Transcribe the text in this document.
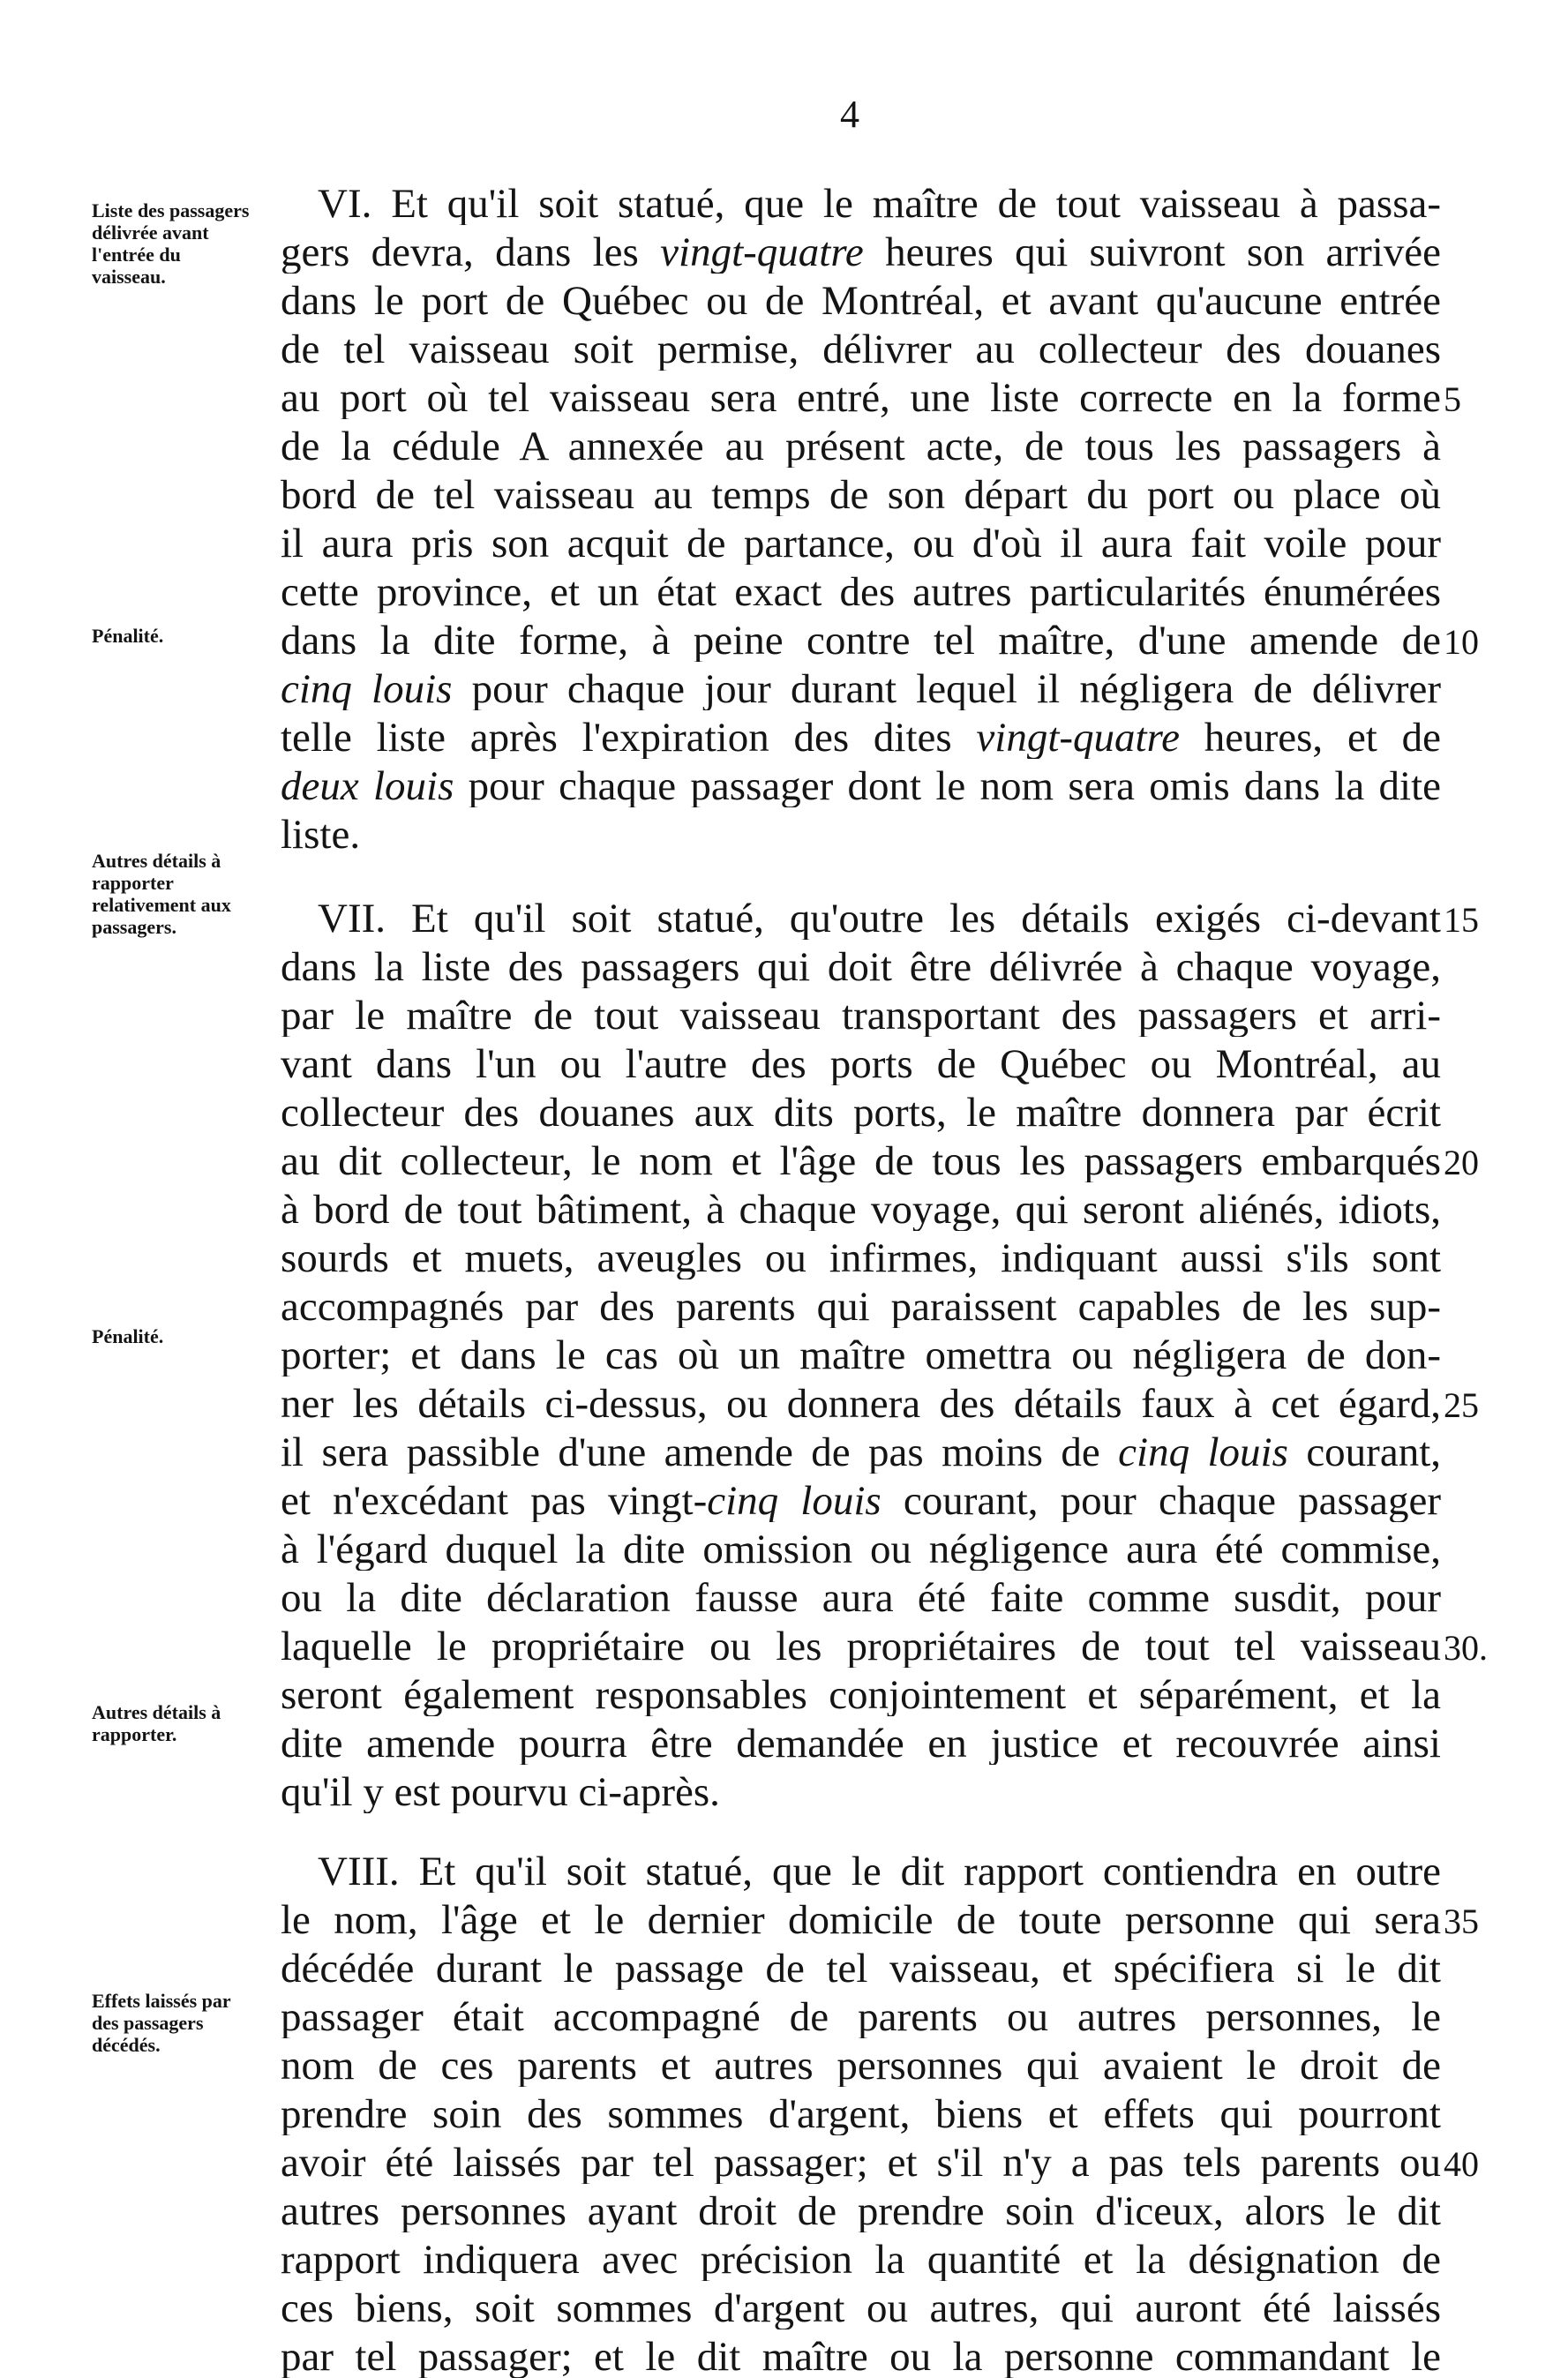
4
Liste des passagers délivrée avant l'entrée du vaisseau.
Pénalité.
Autres détails à rapporter relativement aux passagers.
Pénalité.
Autres détails à rapporter.
Effets laissés par des passagers décédés.
VI. Et qu'il soit statué, que le maître de tout vaisseau à passa-
gers devra, dans les vingt-quatre heures qui suivront son arrivée
dans le port de Québec ou de Montréal, et avant qu'aucune entrée
de tel vaisseau soit permise, délivrer au collecteur des douanes
au port où tel vaisseau sera entré, une liste correcte en la forme
de la cédule A annexée au présent acte, de tous les passagers à
bord de tel vaisseau au temps de son départ du port ou place où
il aura pris son acquit de partance, ou d'où il aura fait voile pour
cette province, et un état exact des autres particularités énumérées
dans la dite forme, à peine contre tel maître, d'une amende de
cinq louis pour chaque jour durant lequel il négligera de délivrer
telle liste après l'expiration des dites vingt-quatre heures, et de
deux louis pour chaque passager dont le nom sera omis dans la dite
liste.
VII. Et qu'il soit statué, qu'outre les détails exigés ci-devant
dans la liste des passagers qui doit être délivrée à chaque voyage,
par le maître de tout vaisseau transportant des passagers et arri-
vant dans l'un ou l'autre des ports de Québec ou Montréal, au
collecteur des douanes aux dits ports, le maître donnera par écrit
au dit collecteur, le nom et l'âge de tous les passagers embarqués
à bord de tout bâtiment, à chaque voyage, qui seront aliénés, idiots,
sourds et muets, aveugles ou infirmes, indiquant aussi s'ils sont
accompagnés par des parents qui paraissent capables de les sup-
porter; et dans le cas où un maître omettra ou négligera de don-
ner les détails ci-dessus, ou donnera des détails faux à cet égard,
il sera passible d'une amende de pas moins de cinq louis courant,
et n'excédant pas vingt-cinq louis courant, pour chaque passager
à l'égard duquel la dite omission ou négligence aura été commise,
ou la dite déclaration fausse aura été faite comme susdit, pour
laquelle le propriétaire ou les propriétaires de tout tel vaisseau
seront également responsables conjointement et séparément, et la
dite amende pourra être demandée en justice et recouvrée ainsi
qu'il y est pourvu ci-après.
VIII. Et qu'il soit statué, que le dit rapport contiendra en outre
le nom, l'âge et le dernier domicile de toute personne qui sera
décédée durant le passage de tel vaisseau, et spécifiera si le dit
passager était accompagné de parents ou autres personnes, le
nom de ces parents et autres personnes qui avaient le droit de
prendre soin des sommes d'argent, biens et effets qui pourront
avoir été laissés par tel passager; et s'il n'y a pas tels parents ou
autres personnes ayant droit de prendre soin d'iceux, alors le dit
rapport indiquera avec précision la quantité et la désignation de
ces biens, soit sommes d'argent ou autres, qui auront été laissés
par tel passager; et le dit maître ou la personne commandant le
5
10
15
20
25
30.
35
40
